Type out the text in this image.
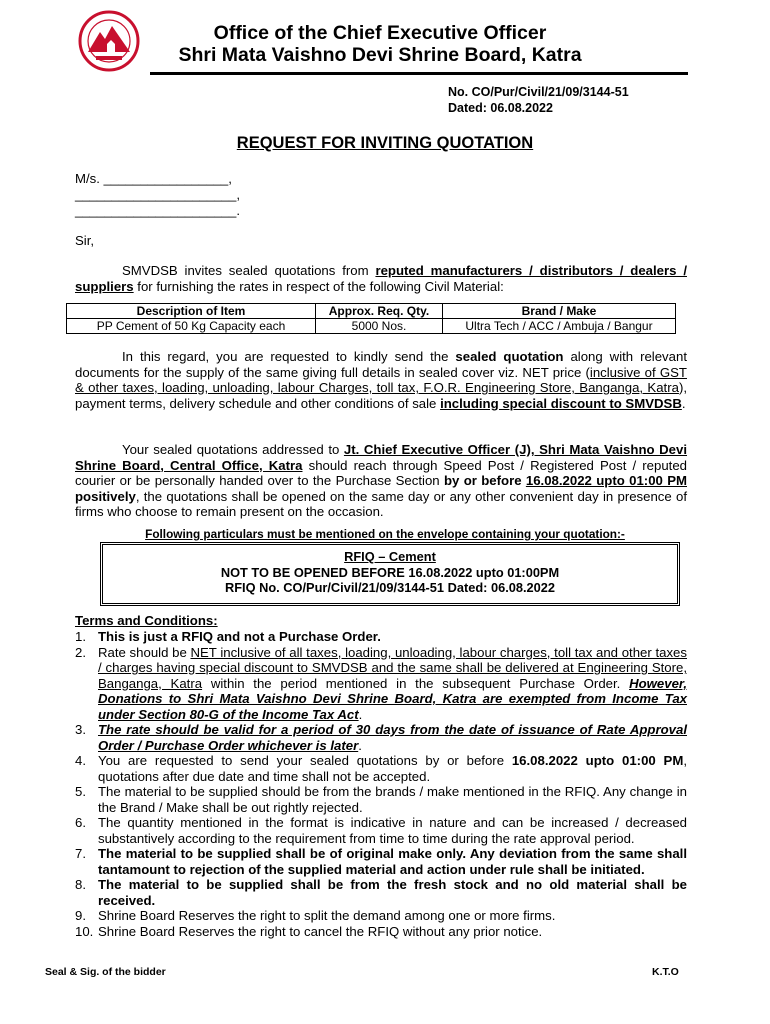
Office of the Chief Executive Officer
Shri Mata Vaishno Devi Shrine Board, Katra
No. CO/Pur/Civil/21/09/3144-51
Dated: 06.08.2022
REQUEST FOR INVITING QUOTATION
M/s. _________________,
______________________,
______________________.
Sir,
SMVDSB invites sealed quotations from reputed manufacturers / distributors / dealers / suppliers for furnishing the rates in respect of the following Civil Material:
Description of Item	Approx. Req. Qty.	Brand / Make
PP Cement of 50 Kg Capacity each	5000 Nos.	Ultra Tech / ACC / Ambuja / Bangur
In this regard, you are requested to kindly send the sealed quotation along with relevant documents for the supply of the same giving full details in sealed cover viz. NET price (inclusive of GST & other taxes, loading, unloading, labour Charges, toll tax, F.O.R. Engineering Store, Banganga, Katra), payment terms, delivery schedule and other conditions of sale including special discount to SMVDSB.
Your sealed quotations addressed to Jt. Chief Executive Officer (J), Shri Mata Vaishno Devi Shrine Board, Central Office, Katra should reach through Speed Post / Registered Post / reputed courier or be personally handed over to the Purchase Section by or before 16.08.2022 upto 01:00 PM positively, the quotations shall be opened on the same day or any other convenient day in presence of firms who choose to remain present on the occasion.
Following particulars must be mentioned on the envelope containing your quotation:-
RFIQ – Cement
NOT TO BE OPENED BEFORE 16.08.2022 upto 01:00PM
RFIQ No. CO/Pur/Civil/21/09/3144-51 Dated: 06.08.2022
Terms and Conditions:
1. This is just a RFIQ and not a Purchase Order.
2. Rate should be NET inclusive of all taxes, loading, unloading, labour charges, toll tax and other taxes / charges having special discount to SMVDSB and the same shall be delivered at Engineering Store, Banganga, Katra within the period mentioned in the subsequent Purchase Order. However, Donations to Shri Mata Vaishno Devi Shrine Board, Katra are exempted from Income Tax under Section 80-G of the Income Tax Act.
3. The rate should be valid for a period of 30 days from the date of issuance of Rate Approval Order / Purchase Order whichever is later.
4. You are requested to send your sealed quotations by or before 16.08.2022 upto 01:00 PM, quotations after due date and time shall not be accepted.
5. The material to be supplied should be from the brands / make mentioned in the RFIQ. Any change in the Brand / Make shall be out rightly rejected.
6. The quantity mentioned in the format is indicative in nature and can be increased / decreased substantively according to the requirement from time to time during the rate approval period.
7. The material to be supplied shall be of original make only. Any deviation from the same shall tantamount to rejection of the supplied material and action under rule shall be initiated.
8. The material to be supplied shall be from the fresh stock and no old material shall be received.
9. Shrine Board Reserves the right to split the demand among one or more firms.
10. Shrine Board Reserves the right to cancel the RFIQ without any prior notice.
Seal & Sig. of the bidder	K.T.O
